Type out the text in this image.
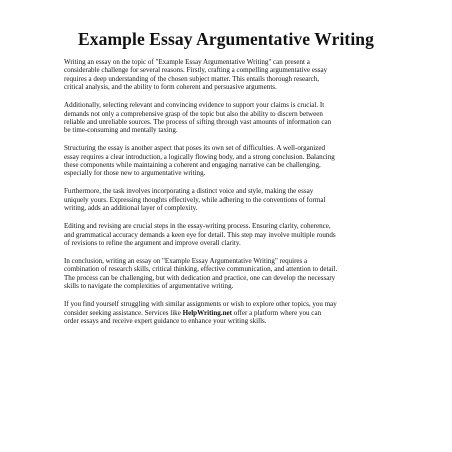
Example Essay Argumentative Writing
Writing an essay on the topic of "Example Essay Argumentative Writing" can present a
considerable challenge for several reasons. Firstly, crafting a compelling argumentative essay
requires a deep understanding of the chosen subject matter. This entails thorough research,
critical analysis, and the ability to form coherent and persuasive arguments.
Additionally, selecting relevant and convincing evidence to support your claims is crucial. It
demands not only a comprehensive grasp of the topic but also the ability to discern between
reliable and unreliable sources. The process of sifting through vast amounts of information can
be time-consuming and mentally taxing.
Structuring the essay is another aspect that poses its own set of difficulties. A well-organized
essay requires a clear introduction, a logically flowing body, and a strong conclusion. Balancing
these components while maintaining a coherent and engaging narrative can be challenging,
especially for those new to argumentative writing.
Furthermore, the task involves incorporating a distinct voice and style, making the essay
uniquely yours. Expressing thoughts effectively, while adhering to the conventions of formal
writing, adds an additional layer of complexity.
Editing and revising are crucial steps in the essay-writing process. Ensuring clarity, coherence,
and grammatical accuracy demands a keen eye for detail. This step may involve multiple rounds
of revisions to refine the argument and improve overall clarity.
In conclusion, writing an essay on "Example Essay Argumentative Writing" requires a
combination of research skills, critical thinking, effective communication, and attention to detail.
The process can be challenging, but with dedication and practice, one can develop the necessary
skills to navigate the complexities of argumentative writing.
If you find yourself struggling with similar assignments or wish to explore other topics, you may
consider seeking assistance. Services like HelpWriting.net offer a platform where you can
order essays and receive expert guidance to enhance your writing skills.
